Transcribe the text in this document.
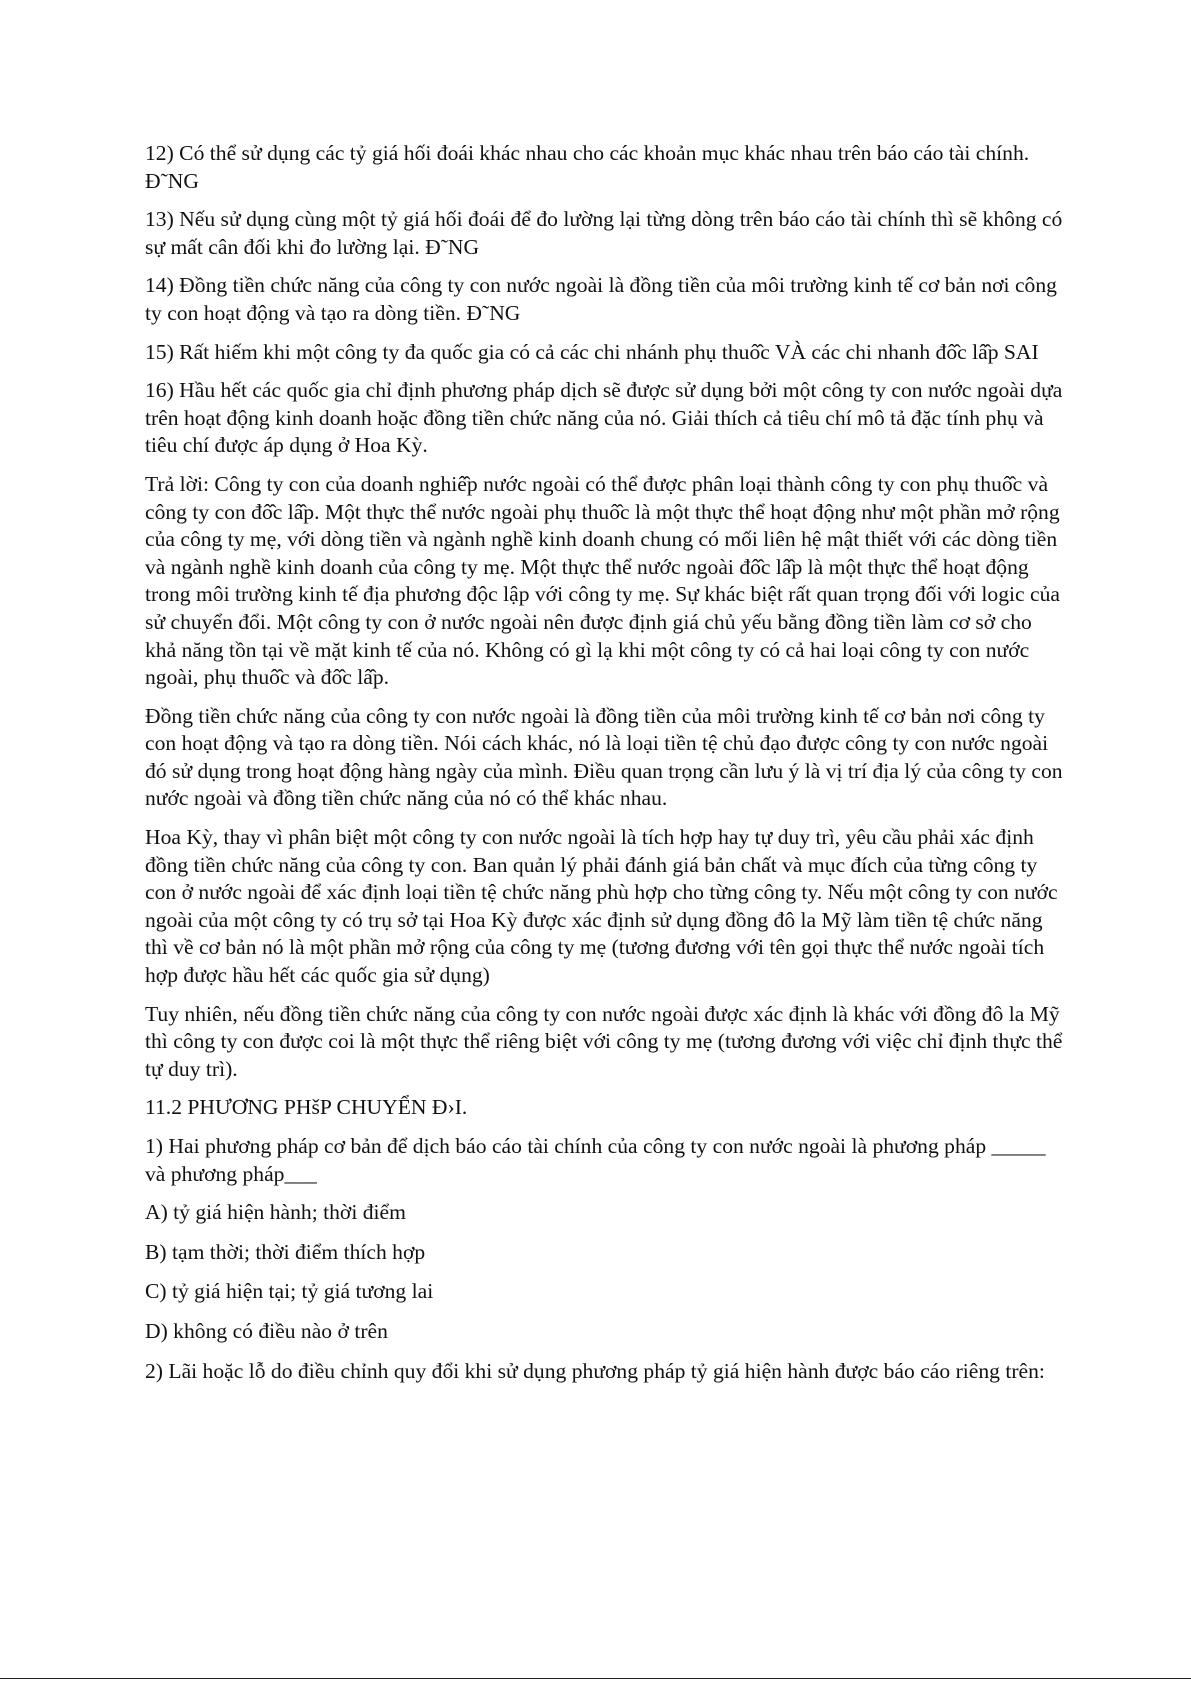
12) Có thể sử dụng các tỷ giá hối đoái khác nhau cho các khoản mục khác nhau trên báo cáo tài chính. Đ˜NG

13) Nếu sử dụng cùng một tỷ giá hối đoái để đo lường lại từng dòng trên báo cáo tài chính thì sẽ không có sự mất cân đối khi đo lường lại. Đ˜NG

14) Đồng tiền chức năng của công ty con nước ngoài là đồng tiền của môi trường kinh tế cơ bản nơi công ty con hoạt động và tạo ra dòng tiền. Đ˜NG

15) Rất hiếm khi một công ty đa quốc gia có cả các chi nhánh phụ thuô̂c VÀ các chi nhanh đô̂c lâ̂p SAI

16) Hầu hết các quốc gia chỉ định phương pháp dịch sẽ được sử dụng bởi một công ty con nước ngoài dựa trên hoạt động kinh doanh hoặc đồng tiền chức năng của nó. Giải thích cả tiêu chí mô tả đặc tính phụ và tiêu chí được áp dụng ở Hoa Kỳ.

Trả lời: Công ty con của doanh nghiê̂p nước ngoài có thể được phân loại thành công ty con phụ thuô̂c và công ty con đô̂c lâ̂p. Một thực thể nước ngoài phụ thuô̂c là một thực thể hoạt động như một phần mở rộng của công ty mẹ, với dòng tiền và ngành nghề kinh doanh chung có mối liên hệ mật thiết với các dòng tiền và ngành nghề kinh doanh của công ty mẹ. Một thực thể nước ngoài đô̂c lâ̂p là một thực thể hoạt động trong môi trường kinh tế địa phương độc lập với công ty mẹ. Sự khác biệt rất quan trọng đối với logic của sử chuyển đổi. Một công ty con ở nước ngoài nên được định giá chủ yếu bằng đồng tiền làm cơ sở cho khả năng tồn tại về mặt kinh tế của nó. Không có gì lạ khi một công ty có cả hai loại công ty con nước ngoài, phụ thuô̂c và đô̂c lâ̂p.

Đồng tiền chức năng của công ty con nước ngoài là đồng tiền của môi trường kinh tế cơ bản nơi công ty con hoạt động và tạo ra dòng tiền. Nói cách khác, nó là loại tiền tệ chủ đạo được công ty con nước ngoài đó sử dụng trong hoạt động hàng ngày của mình. Điều quan trọng cần lưu ý là vị trí địa lý của công ty con nước ngoài và đồng tiền chức năng của nó có thể khác nhau.

Hoa Kỳ, thay vì phân biệt một công ty con nước ngoài là tích hợp hay tự duy trì, yêu cầu phải xác định đồng tiền chức năng của công ty con. Ban quản lý phải đánh giá bản chất và mục đích của từng công ty con ở nước ngoài để xác định loại tiền tệ chức năng phù hợp cho từng công ty. Nếu một công ty con nước ngoài của một công ty có trụ sở tại Hoa Kỳ được xác định sử dụng đồng đô la Mỹ làm tiền tệ chức năng thì về cơ bản nó là một phần mở rộng của công ty mẹ (tương đương với tên gọi thực thể nước ngoài tích hợp được hầu hết các quốc gia sử dụng)

Tuy nhiên, nếu đồng tiền chức năng của công ty con nước ngoài được xác định là khác với đồng đô la Mỹ thì công ty con được coi là một thực thể riêng biệt với công ty mẹ (tương đương với việc chỉ định thực thể tự duy trì).

11.2 PHƯƠNG PHšP CHUYỂN Đ›I.

1) Hai phương pháp cơ bản để dịch báo cáo tài chính của công ty con nước ngoài là phương pháp _____ và phương pháp___

A) tỷ giá hiện hành; thời điểm

B) tạm thời; thời điểm thích hợp

C) tỷ giá hiện tại; tỷ giá tương lai

D) không có điều nào ở trên

2) Lãi hoặc lỗ do điều chỉnh quy đổi khi sử dụng phương pháp tỷ giá hiện hành được báo cáo riêng trên:
